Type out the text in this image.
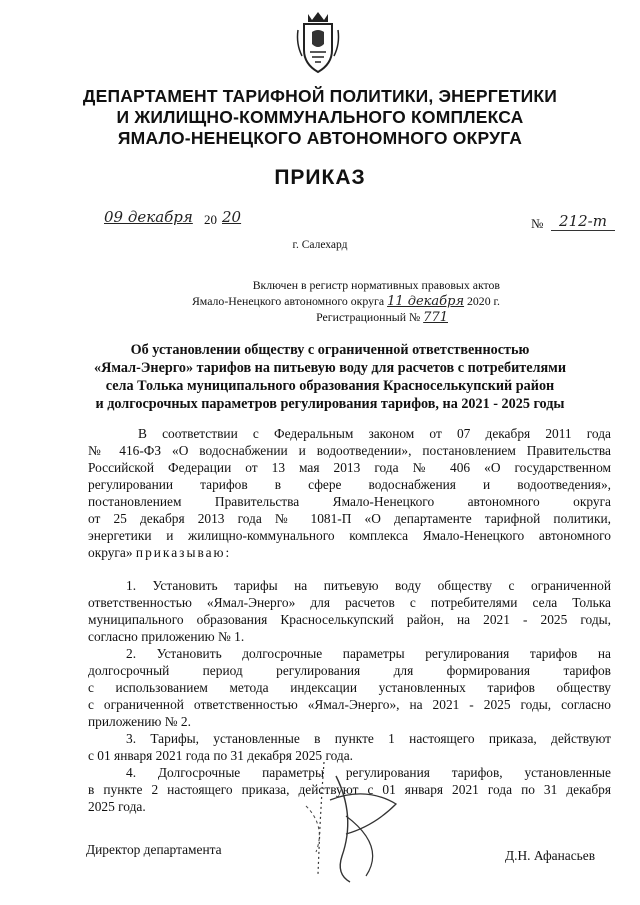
ДЕПАРТАМЕНТ ТАРИФНОЙ ПОЛИТИКИ, ЭНЕРГЕТИКИ
И ЖИЛИЩНО-КОММУНАЛЬНОГО КОМПЛЕКСА
ЯМАЛО-НЕНЕЦКОГО АВТОНОМНОГО ОКРУГА
ПРИКАЗ
09 декабря 20 20	№	212-т
г. Салехард
Включен в регистр нормативных правовых актов
Ямало-Ненецкого автономного округа 11 декабря 2020 г.
Регистрационный № 771
Об установлении обществу с ограниченной ответственностью
«Ямал-Энерго» тарифов на питьевую воду для расчетов с потребителями
села Толька муниципального образования Красноселькупский район
и долгосрочных параметров регулирования тарифов, на 2021 - 2025 годы
В соответствии с Федеральным законом от 07 декабря 2011 года
№ 416-ФЗ «О водоснабжении и водоотведении», постановлением Правительства
Российской Федерации от 13 мая 2013 года № 406 «О государственном
регулировании тарифов в сфере водоснабжения и водоотведения»,
постановлением Правительства Ямало-Ненецкого автономного округа
от 25 декабря 2013 года № 1081-П «О департаменте тарифной политики,
энергетики и жилищно-коммунального комплекса Ямало-Ненецкого автономного
округа» приказываю:
1. Установить тарифы на питьевую воду обществу с ограниченной
ответственностью «Ямал-Энерго» для расчетов с потребителями села Толька
муниципального образования Красноселькупский район, на 2021 - 2025 годы,
согласно приложению № 1.
2. Установить долгосрочные параметры регулирования тарифов на
долгосрочный период регулирования для формирования тарифов
с использованием метода индексации установленных тарифов обществу
с ограниченной ответственностью «Ямал-Энерго», на 2021 - 2025 годы, согласно
приложению № 2.
3. Тарифы, установленные в пункте 1 настоящего приказа, действуют
с 01 января 2021 года по 31 декабря 2025 года.
4. Долгосрочные параметры регулирования тарифов, установленные
в пункте 2 настоящего приказа, действуют с 01 января 2021 года по 31 декабря
2025 года.
Директор департамента	Д.Н. Афанасьев
